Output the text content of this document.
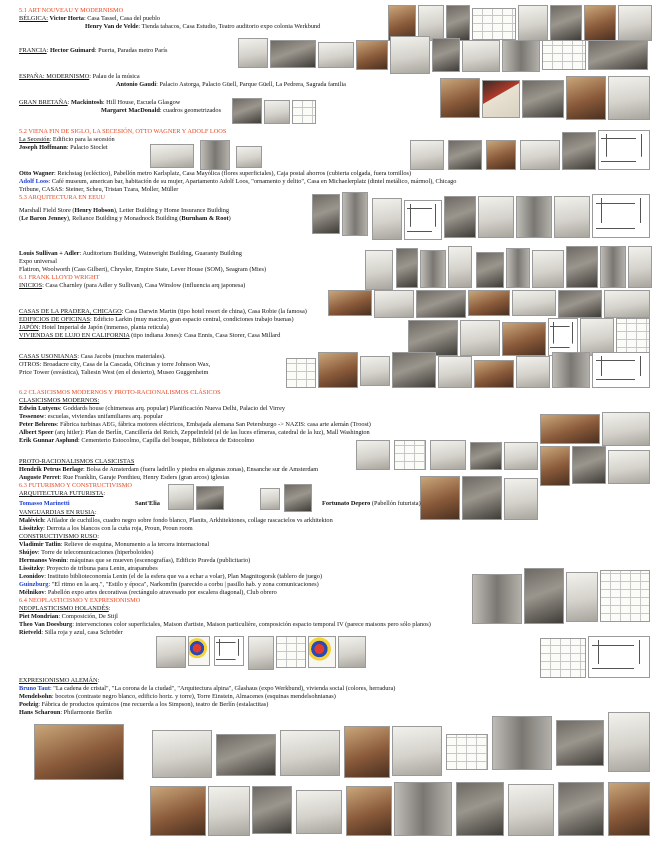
5.1 ART NOUVEAU Y MODERNISMO
BÉLGICA: Victor Horta: Casa Tassel, Casa del pueblo
Henry Van de Velde: Tienda tabacos, Casa Estudio, Teatro auditorio expo colonia Werkbund
FRANCIA: Hector Guimard: Puerta, Paradas metro París
ESPAÑA: MODERNISMO: Palau de la música
Antonio Gaudí: Palacio Astorga, Palacio Güell, Parque Güell, La Pedrera, Sagrada familia
GRAN BRETAÑA: Mackintosh: Hill House, Escuela Glasgow
Margaret MacDonald: cuadros geometrizados
5.2 VIENA FIN DE SIGLO, LA SECESIÓN, OTTO WAGNER Y ADOLF LOOS
La Secesión: Edificio para la secesión
Joseph Hoffmann: Palacio Stoclet
Otto Wagner: Reichstag (ecléctico), Pabellón metro Karlsplatz, Casa Mayólica (flores superficiales), Caja postal ahorros (cubierta colgada, fuera tornillos)
Adolf Loos: Café museum, american bar, habitación de su mujer, Apartamento Adolf Loos, "ornamento y delito", Casa en Michaelerplatz (dintel metálico, mármol), Chicago
Tribune, CASAS: Steiner, Scheu, Tristan Tzara, Moller, Müller
5.3 ARQUITECTURA EN EEUU
Marshall Field Store (Henry Hobson), Letter Building y Home Insurance Building
(Le Baron Jenney), Reliance Building y Monadnock Building (Burnham & Root)
Louis Sullivan + Adler: Auditorium Building, Wainwright Building, Guaranty Building
Expo universal
Flatiron, Woolworth (Cass Gilbert), Chrysler, Empire State, Lever House (SOM), Seagram (Mies)
6.1 FRANK LLOYD WRIGHT
INICIOS: Casa Charnley (para Adler y Sullivan), Casa Winslow (influencia arq japonesa)
CASAS DE LA PRADERA, CHICAGO: Casa Darwin Martin (tipo hotel resort de china), Casa Robie (la famosa)
EDIFICIOS DE OFICINAS: Edificio Larkin (muy macizo, gran espacio central, condiciones trabajo buenas)
JAPÓN: Hotel Imperial de Japón (inmenso, planta reticula)
VIVIENDAS DE LUJO EN CALIFORNIA (tipo indiana Jones): Casa Ennis, Casa Storer, Casa Millard
CASAS USONIANAS: Casa Jacobs (muchos materiales).
OTROS: Broadacre city, Casa de la Cascada, Oficinas y torre Johnson Wax,
Price Tower (esvástica), Taliesin West (en el desierto), Museo Guggenheim
6.2 CLASICISMOS MODERNOS Y PROTO-RACIONALISMOS CLÁSICOS
CLASICISMOS MODERNOS:
Edwin Lutyens: Goddards house (chimeneas arq. popular) Planificación Nueva Delhi, Palacio del Virrey
Tessenow: escuelas, viviendas unifamiliares arq. popular
Peter Behrens: Fábrica turbinas AEG, fábrica motores eléctricos, Embajada alemana San Petersburgo -> NAZIS: casa arte alemán (Troost)
Albert Speer (arq hitler): Plan de Berlín, Cancillería del Reich, Zeppelinfeld (el de las luces efímeras, catedral de la luz), Mall Washington
Erik Gunnar Asplund: Cementerio Estocolmo, Capilla del bosque, Biblioteca de Estocolmo
PROTO-RACIONALISMOS CLASICISTAS
Hendrik Petrus Berlage: Bolsa de Amsterdam (fuera ladrillo y piedra en algunas zonas), Ensanche sur de Amsterdam
Auguste Perret: Rue Franklin, Garaje Ponthieu, Henry Esders (gran arcos) iglesias
6.3 FUTURISMO Y CONSTRUCTIVISMO
ARQUITECTURA FUTURISTA:
Tomasso Marinetti	Sant'Elia	Fortunato Depero (Pabellón futurista)
VANGUARDIAS EN RUSIA:
Malévich: Afilador de cuchillos, cuadro negro sobre fondo blanco, Planits, Arkhitektones, collage rascacielos vs arkhitekton
Lissitzky: Derrota a los blancos con la cuña roja, Proun, Proun room
CONSTRUCTIVISMO RUSO:
Vladimir Tatlin: Relieve de esquina, Monumento a la tercera internacional
Shújov: Torre de telecomunicaciones (hiperboloides)
Hermanos Vesnin: máquinas que se mueven (escenografías), Edificio Pravda (publicitario)
Lissitzky: Proyecto de tribuna para Lenin, atrapanubes
Leonidov: Instituto biblioteconomía Lenin (el de la esfera que va a echar a volar), Plan Magnitogorsk (tablero de juego)
Guinzburg: "El ritmo en la arq.", "Estilo y época", Narkomfin (parecido a corbu | pasillo hab. y zona comunicaciones)
Mélnikov: Pabellón expo artes decorativas (rectángulo atravesado por escalera diagonal), Club obrero
6.4 NEOPLASTICISMO Y EXPRESIONISMO
NEOPLASTICISMO HOLANDÉS:
Piet Mondrian: Composición, De Stijl
Theo Van Doesburg: intervenciones color superficiales, Maison d'artiste, Maison particulière, composición espacio temporal IV (parece maisons pero sólo planos)
Rietveld: Silla roja y azul, casa Schröder
EXPRESIONISMO ALEMÁN:
Bruno Taut: "La cadena de cristal", "La corona de la ciudad", "Arquitectura alpina", Glashaus (expo Werkbund), vivienda social (colores, herradura)
Mendelsohn: bocetos (contraste negro blanco, edificio horiz. y torre), Torre Einstein, Almacenes (esquinas mendelsohnianas)
Poelzig: Fábrica de productos químicos (me recuerda a los Simpson), teatro de Berlín (estalactitas)
Hans Scharoun: Philarmonie Berlín
